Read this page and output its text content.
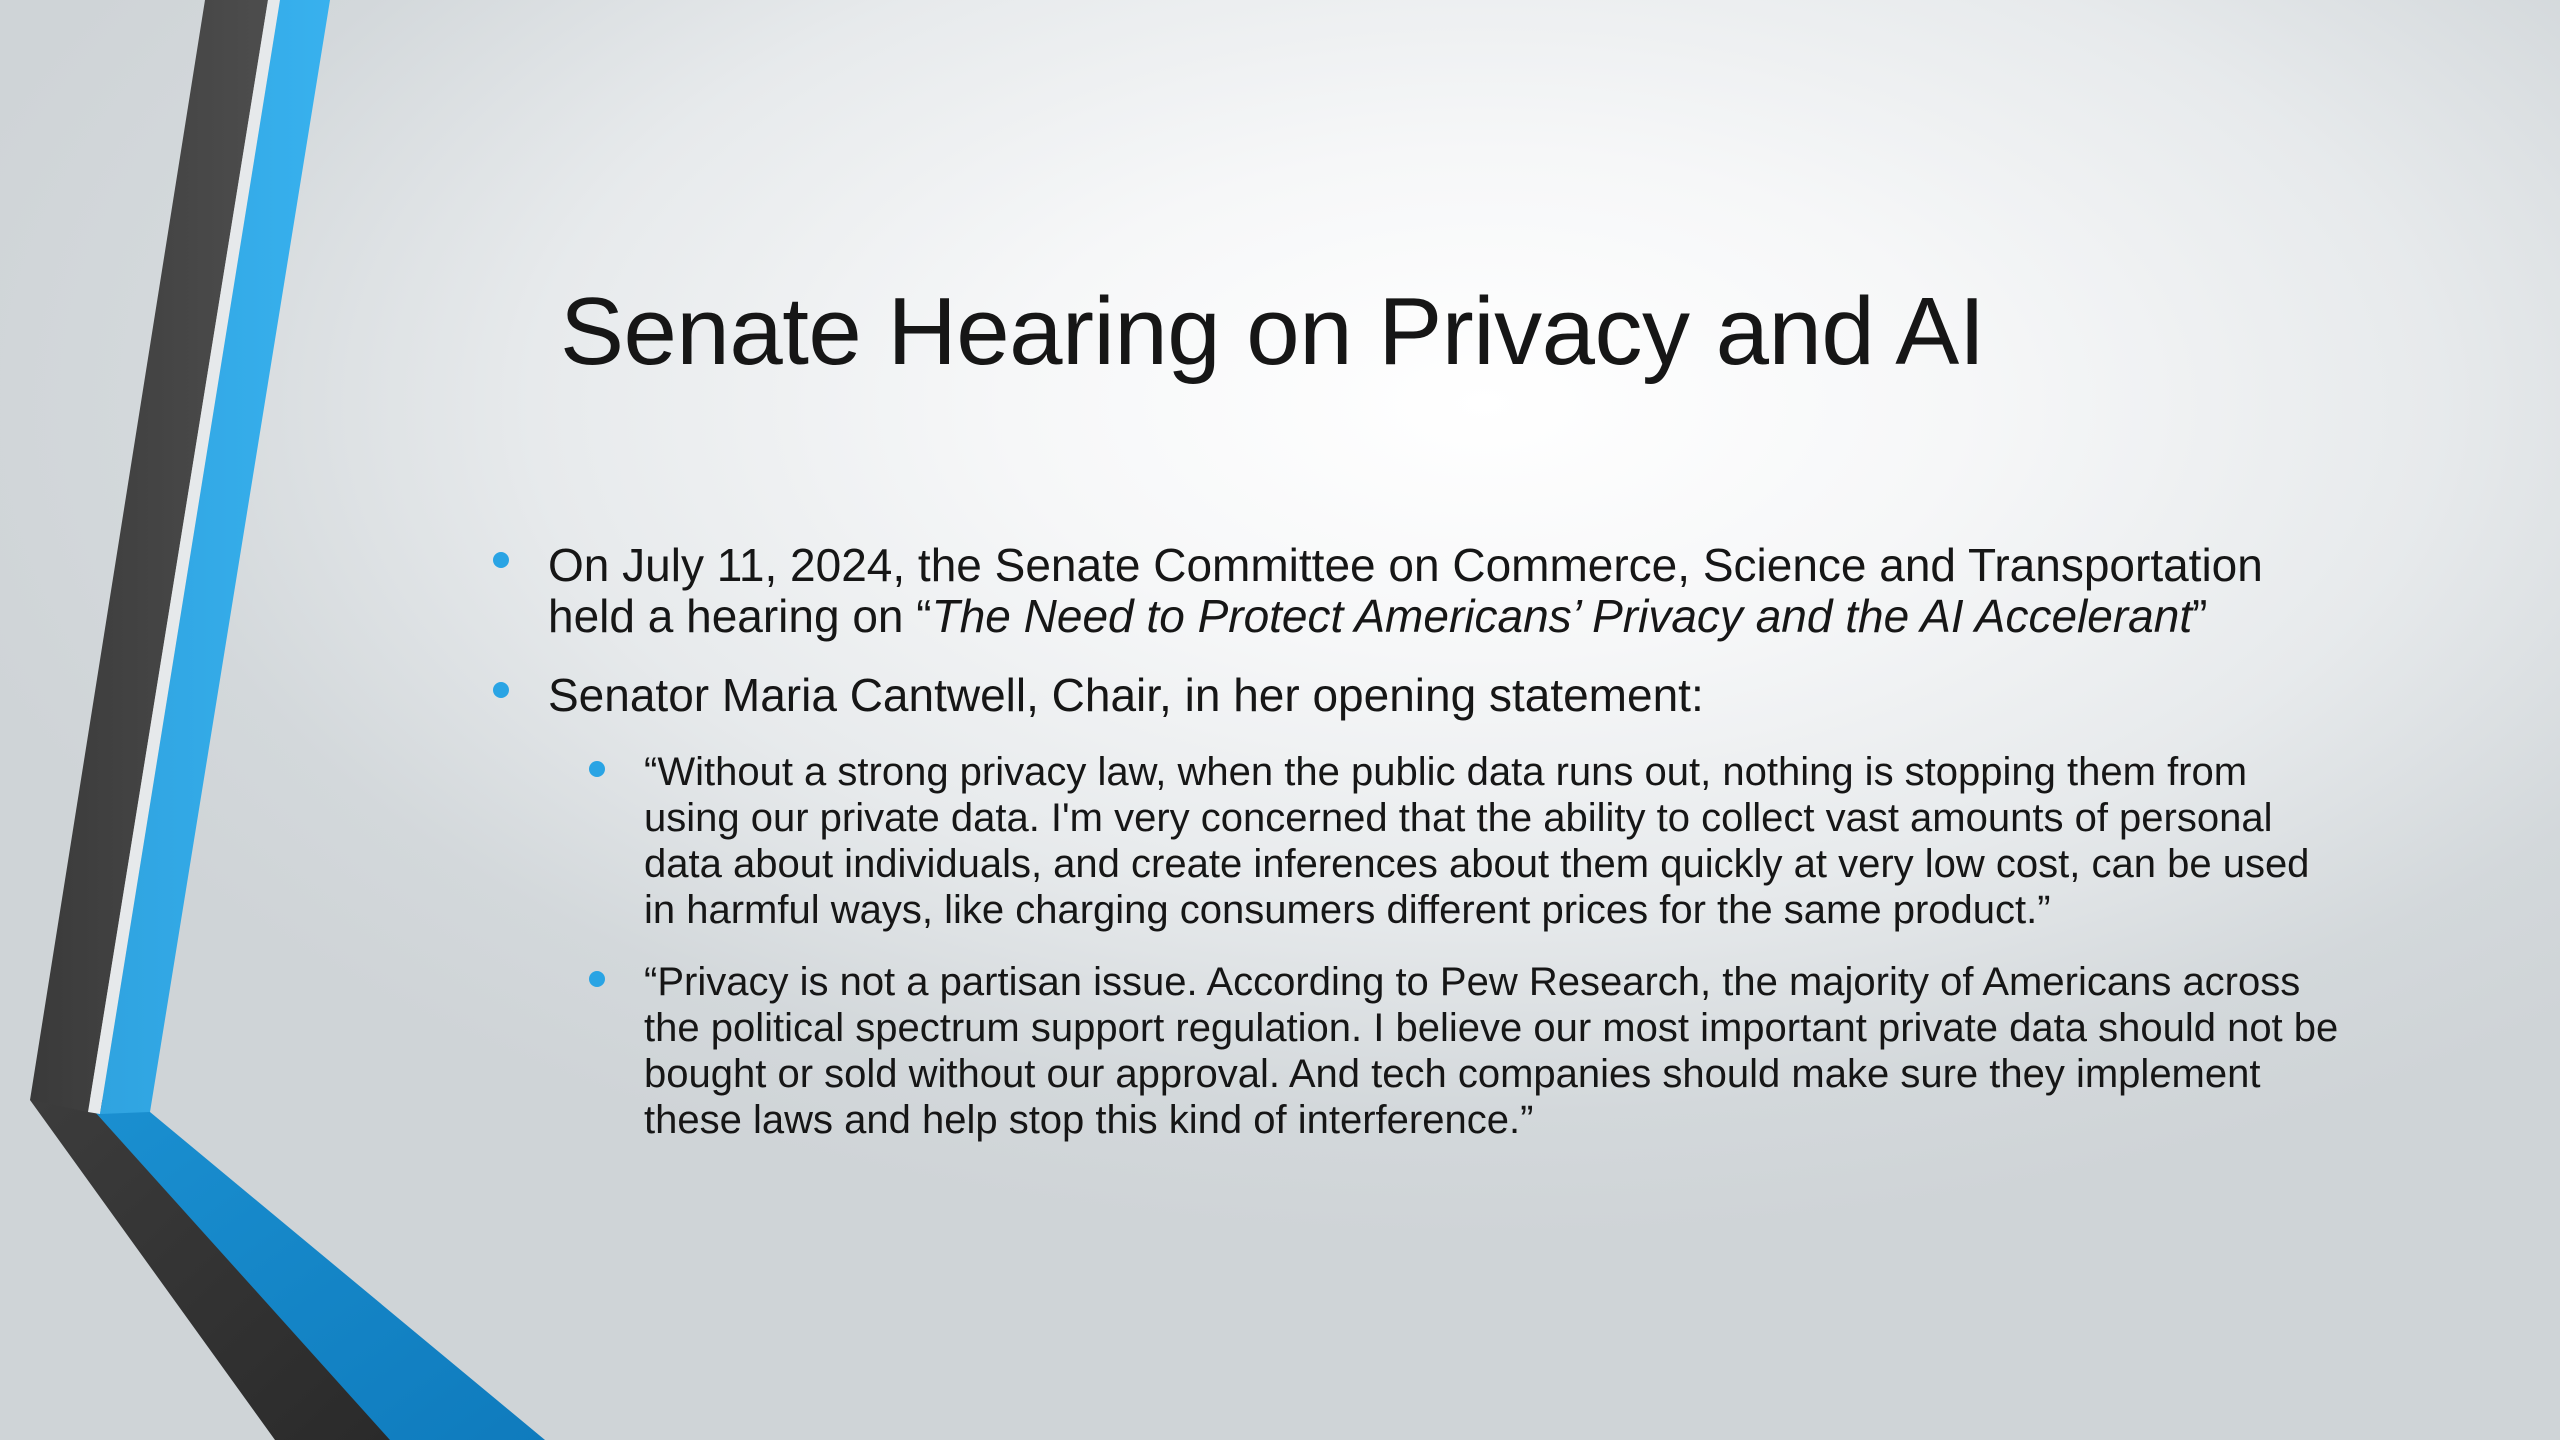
Senate Hearing on Privacy and AI
On July 11, 2024, the Senate Committee on Commerce, Science and Transportation held a hearing on “The Need to Protect Americans’ Privacy and the AI Accelerant”
Senator Maria Cantwell, Chair, in her opening statement:
“Without a strong privacy law, when the public data runs out, nothing is stopping them from using our private data. I'm very concerned that the ability to collect vast amounts of personal data about individuals, and create inferences about them quickly at very low cost, can be used in harmful ways, like charging consumers different prices for the same product.”
“Privacy is not a partisan issue. According to Pew Research, the majority of Americans across the political spectrum support regulation. I believe our most important private data should not be bought or sold without our approval. And tech companies should make sure they implement these laws and help stop this kind of interference.”
